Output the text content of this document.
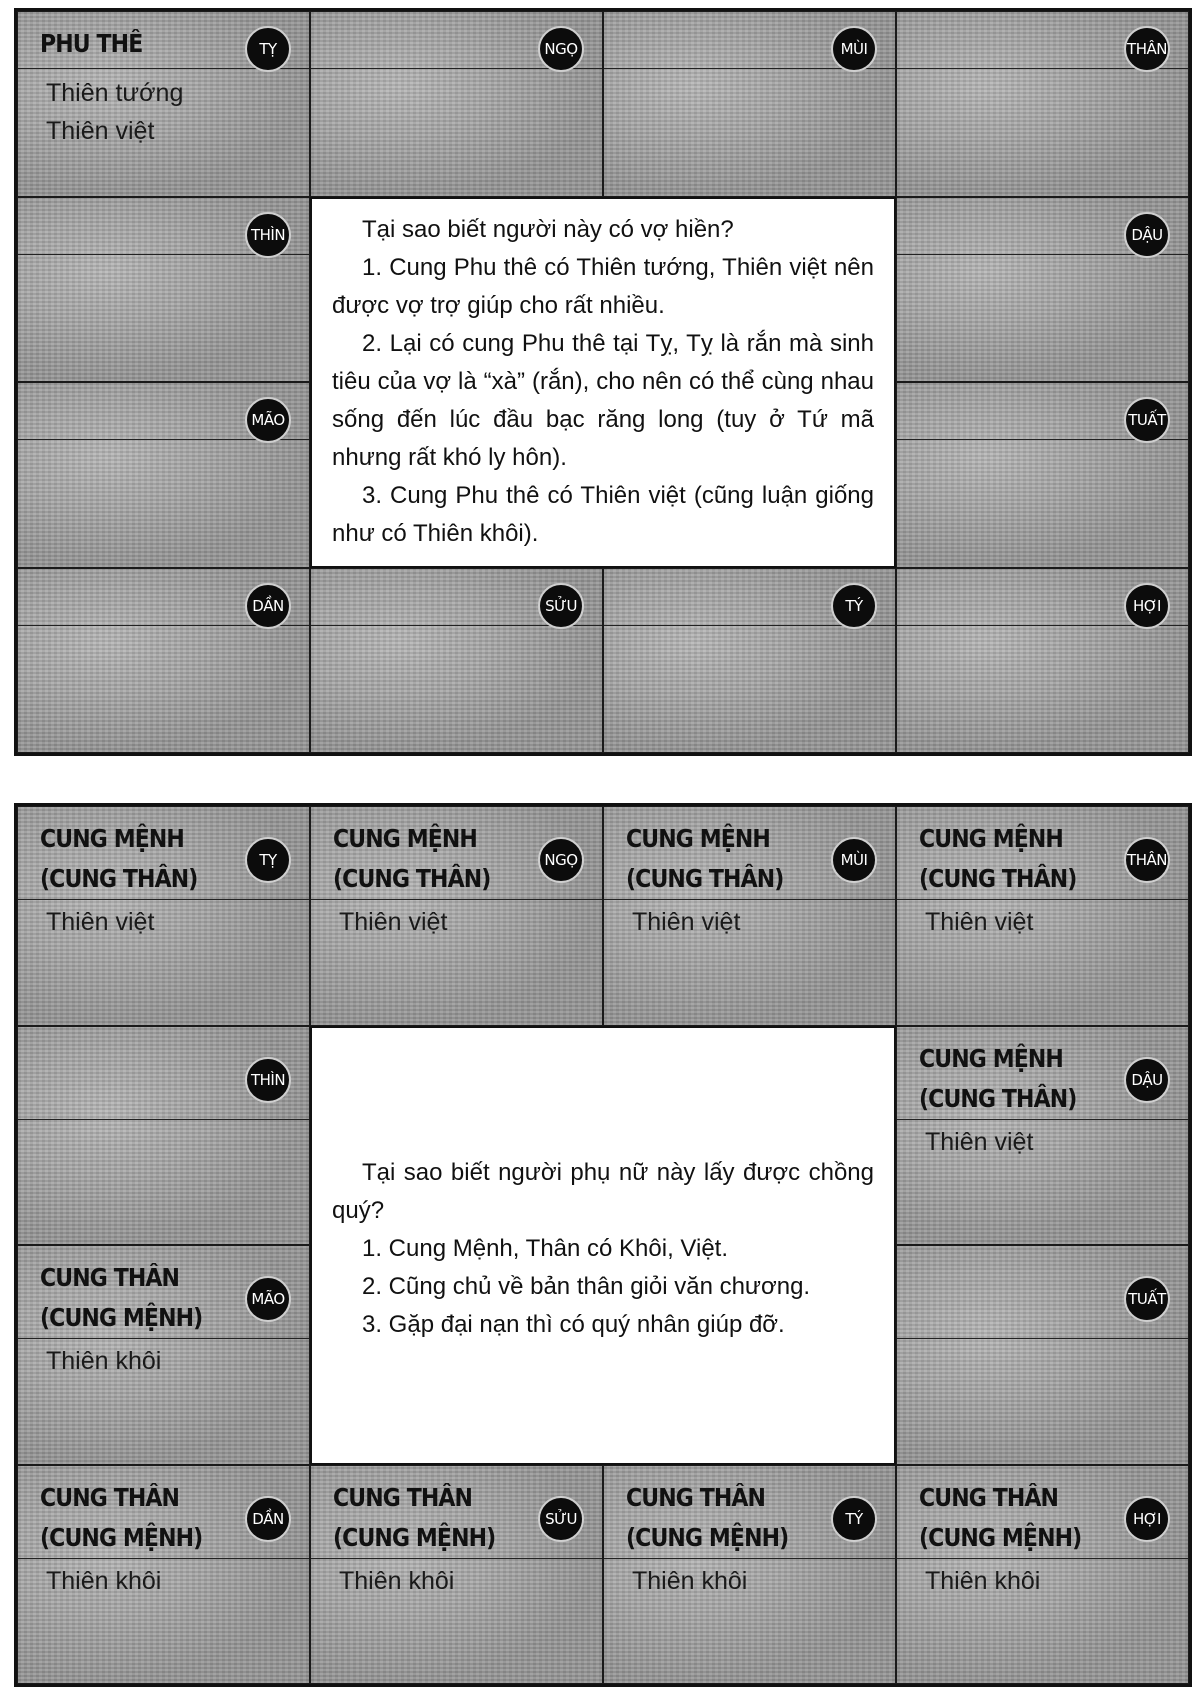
PHU THÊ	TỴ
Thiên tướng
Thiên việt
NGỌ	MÙI	THÂN
THÌN	DẬU
MÃO	TUẤT
DẦN	SỬU	TÝ	HỢI

Tại sao biết người này có vợ hiền?

1. Cung Phu thê có Thiên tướng, Thiên việt nên được vợ trợ giúp cho rất nhiều.

2. Lại có cung Phu thê tại Tỵ, Tỵ là rắn mà sinh tiêu của vợ là “xà” (rắn), cho nên có thể cùng nhau sống đến lúc đầu bạc răng long (tuy ở Tứ mã nhưng rất khó ly hôn).

3. Cung Phu thê có Thiên việt (cũng luận giống như có Thiên khôi).

CUNG MỆNH
(CUNG THÂN)
TỴ
Thiên việt
CUNG MỆNH
(CUNG THÂN)
NGỌ
Thiên việt
CUNG MỆNH
(CUNG THÂN)
MÙI
Thiên việt
CUNG MỆNH
(CUNG THÂN)
THÂN
Thiên việt
THÌN
CUNG MỆNH
(CUNG THÂN)
DẬU
Thiên việt
CUNG THÂN
(CUNG MỆNH)
MÃO
Thiên khôi
TUẤT
CUNG THÂN
(CUNG MỆNH)
DẦN
Thiên khôi
CUNG THÂN
(CUNG MỆNH)
SỬU
Thiên khôi
CUNG THÂN
(CUNG MỆNH)
TÝ
Thiên khôi
CUNG THÂN
(CUNG MỆNH)
HỢI
Thiên khôi

Tại sao biết người phụ nữ này lấy được chồng quý?

1. Cung Mệnh, Thân có Khôi, Việt.

2. Cũng chủ về bản thân giỏi văn chương.

3. Gặp đại nạn thì có quý nhân giúp đỡ.
